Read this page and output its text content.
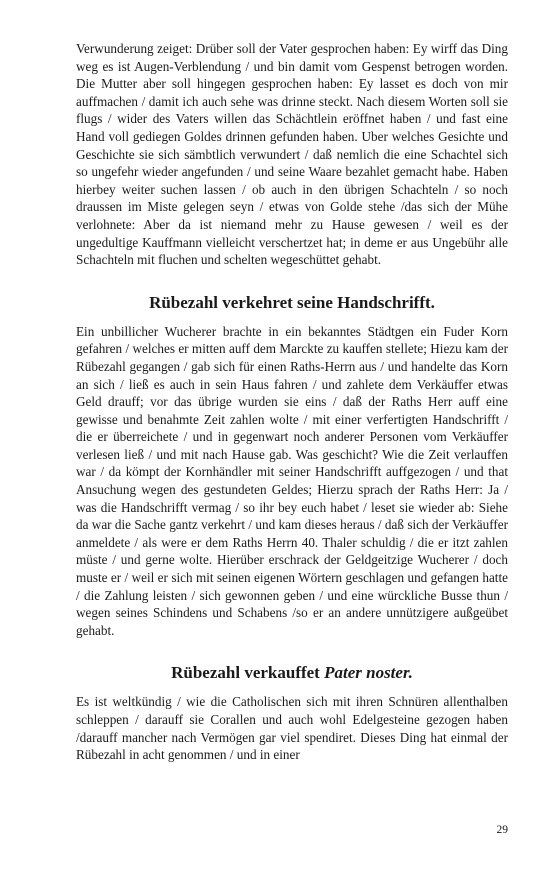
Verwunderung zeiget: Drüber soll der Vater gesprochen haben: Ey wirff das Ding weg es ist Augen-Verblendung / und bin damit vom Gespenst betrogen worden. Die Mutter aber soll hingegen gesprochen haben: Ey lasset es doch von mir auffmachen / damit ich auch sehe was drinne steckt. Nach diesem Worten soll sie flugs / wider des Vaters willen das Schächtlein eröffnet haben / und fast eine Hand voll gediegen Goldes drinnen gefunden haben. Uber welches Gesichte und Geschichte sie sich sämbtlich verwundert / daß nemlich die eine Schachtel sich so ungefehr wieder angefunden / und seine Waare bezahlet gemacht habe. Haben hierbey weiter suchen lassen / ob auch in den übrigen Schachteln / so noch draussen im Miste gelegen seyn / etwas von Golde stehe /das sich der Mühe verlohnete: Aber da ist niemand mehr zu Hause gewesen / weil es der ungedultige Kauffmann vielleicht verschertzet hat; in deme er aus Ungebühr alle Schachteln mit fluchen und schelten wegeschüttet gehabt.

Rübezahl verkehret seine Handschrifft.

Ein unbillicher Wucherer brachte in ein bekanntes Städtgen ein Fuder Korn gefahren / welches er mitten auff dem Marckte zu kauffen stellete; Hiezu kam der Rübezahl gegangen / gab sich für einen Raths-Herrn aus / und handelte das Korn an sich / ließ es auch in sein Haus fahren / und zahlete dem Verkäuffer etwas Geld drauff; vor das übrige wurden sie eins / daß der Raths Herr auff eine gewisse und benahmte Zeit zahlen wolte / mit einer verfertigten Handschrifft / die er überreichete / und in gegenwart noch anderer Personen vom Verkäuffer verlesen ließ / und mit nach Hause gab. Was geschicht? Wie die Zeit verlauffen war / da kömpt der Kornhändler mit seiner Handschrifft auffgezogen / und that Ansuchung wegen des gestundeten Geldes; Hierzu sprach der Raths Herr: Ja / was die Handschrifft vermag / so ihr bey euch habet / leset sie wieder ab: Siehe da war die Sache gantz verkehrt / und kam dieses heraus / daß sich der Verkäuffer anmeldete / als were er dem Raths Herrn 40. Thaler schuldig / die er itzt zahlen müste / und gerne wolte. Hierüber erschrack der Geldgeitzige Wucherer / doch muste er / weil er sich mit seinen eigenen Wörtern geschlagen und gefangen hatte / die Zahlung leisten / sich gewonnen geben / und eine würckliche Busse thun / wegen seines Schindens und Schabens /so er an andere unnützigere außgeübet gehabt.

Rübezahl verkauffet Pater noster.

Es ist weltkündig / wie die Catholischen sich mit ihren Schnüren allenthalben schleppen / darauff sie Corallen und auch wohl Edelgesteine gezogen haben /darauff mancher nach Vermögen gar viel spendiret. Dieses Ding hat einmal der Rübezahl in acht genommen / und in einer

29
